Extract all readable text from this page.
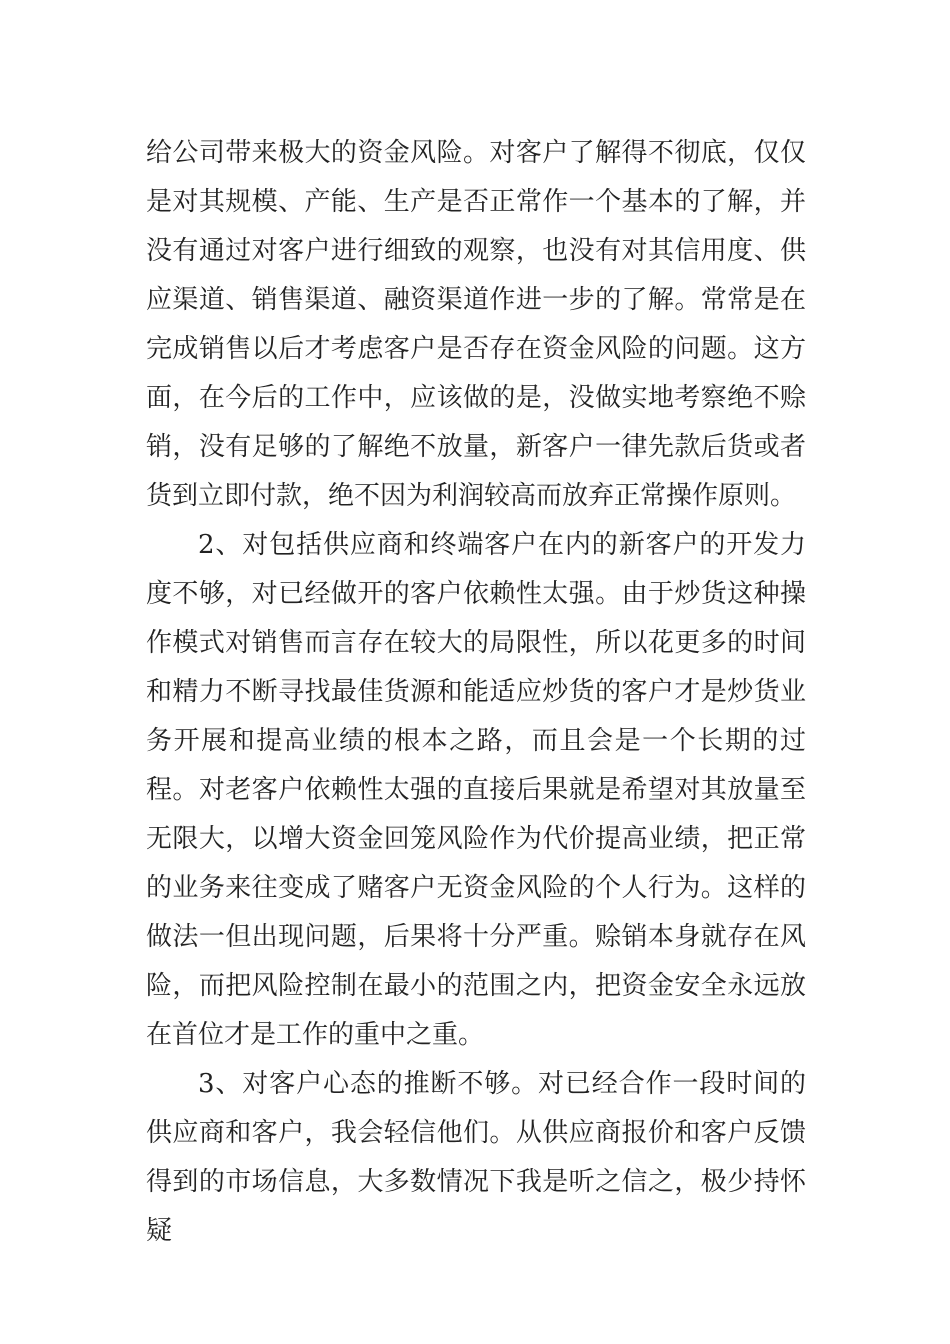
给公司带来极大的资金风险。对客户了解得不彻底，仅仅是对其规模、产能、生产是否正常作一个基本的了解，并没有通过对客户进行细致的观察，也没有对其信用度、供应渠道、销售渠道、融资渠道作进一步的了解。常常是在完成销售以后才考虑客户是否存在资金风险的问题。这方面，在今后的工作中，应该做的是，没做实地考察绝不赊销，没有足够的了解绝不放量，新客户一律先款后货或者货到立即付款，绝不因为利润较高而放弃正常操作原则。

2、对包括供应商和终端客户在内的新客户的开发力度不够，对已经做开的客户依赖性太强。由于炒货这种操作模式对销售而言存在较大的局限性，所以花更多的时间和精力不断寻找最佳货源和能适应炒货的客户才是炒货业务开展和提高业绩的根本之路，而且会是一个长期的过程。对老客户依赖性太强的直接后果就是希望对其放量至无限大，以增大资金回笼风险作为代价提高业绩，把正常的业务来往变成了赌客户无资金风险的个人行为。这样的做法一但出现问题，后果将十分严重。赊销本身就存在风险，而把风险控制在最小的范围之内，把资金安全永远放在首位才是工作的重中之重。

3、对客户心态的推断不够。对已经合作一段时间的供应商和客户，我会轻信他们。从供应商报价和客户反馈得到的市场信息，大多数情况下我是听之信之，极少持怀疑
